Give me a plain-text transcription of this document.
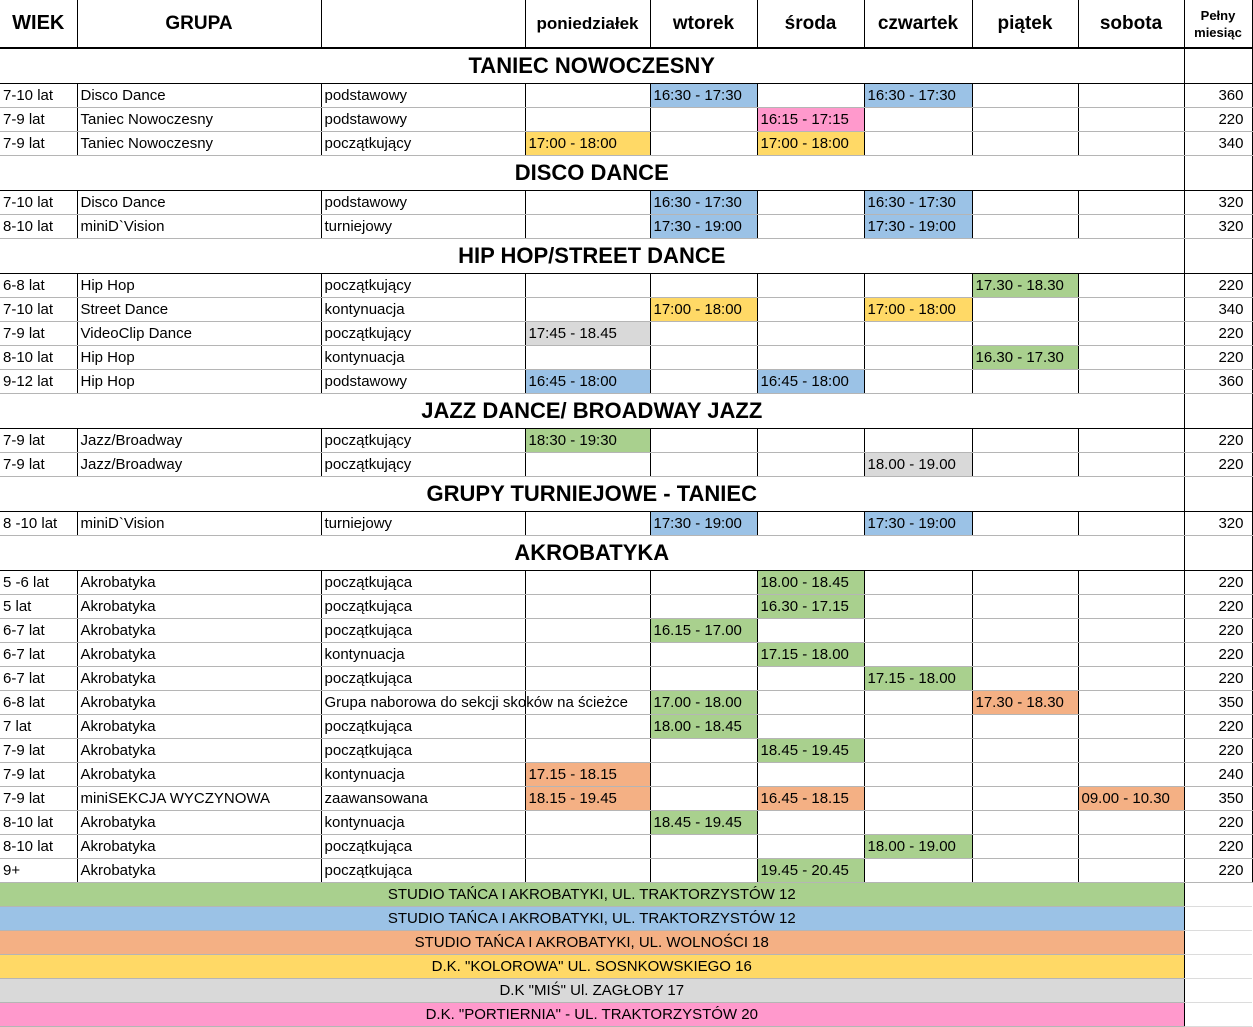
WIEK	GRUPA		poniedziałek	wtorek	środa	czwartek	piątek	sobota	Pełny miesiąc
TANIEC NOWOCZESNY									
7-10 lat	Disco Dance	podstawowy		16:30 - 17:30		16:30 - 17:30			360
7-9 lat	Taniec Nowoczesny	podstawowy			16:15 - 17:15				220
7-9 lat	Taniec Nowoczesny	początkujący	17:00 - 18:00		17:00 - 18:00				340
DISCO DANCE									
7-10 lat	Disco Dance	podstawowy		16:30 - 17:30		16:30 - 17:30			320
8-10 lat	miniD`Vision	turniejowy		17:30 - 19:00		17:30 - 19:00			320
HIP HOP/STREET DANCE									
6-8 lat	Hip Hop	początkujący					17.30 - 18.30		220
7-10 lat	Street Dance	kontynuacja		17:00 - 18:00		17:00 - 18:00			340
7-9 lat	VideoClip Dance	początkujący	17:45 - 18.45						220
8-10 lat	Hip Hop	kontynuacja					16.30 - 17.30		220
9-12 lat	Hip Hop	podstawowy	16:45 - 18:00		16:45 - 18:00				360
JAZZ DANCE/ BROADWAY JAZZ									
7-9 lat	Jazz/Broadway	początkujący	18:30 - 19:30						220
7-9 lat	Jazz/Broadway	początkujący				18.00 - 19.00			220
GRUPY TURNIEJOWE - TANIEC									
8 -10 lat	miniD`Vision	turniejowy		17:30 - 19:00		17:30 - 19:00			320
AKROBATYKA									
5 -6 lat	Akrobatyka	początkująca			18.00 - 18.45				220
5 lat	Akrobatyka	początkująca			16.30 - 17.15				220
6-7 lat	Akrobatyka	początkująca		16.15 - 17.00					220
6-7 lat	Akrobatyka	kontynuacja			17.15 - 18.00				220
6-7 lat	Akrobatyka	początkująca				17.15 - 18.00			220
6-8 lat	Akrobatyka	Grupa naborowa do sekcji skoków na ścieżce		17.00 - 18.00			17.30 - 18.30		350
7 lat	Akrobatyka	początkująca		18.00 - 18.45					220
7-9 lat	Akrobatyka	początkująca			18.45 - 19.45				220
7-9 lat	Akrobatyka	kontynuacja	17.15 - 18.15						240
7-9 lat	miniSEKCJA WYCZYNOWA	zaawansowana	18.15 - 19.45		16.45 - 18.15			09.00 - 10.30	350
8-10 lat	Akrobatyka	kontynuacja		18.45 - 19.45					220
8-10 lat	Akrobatyka	początkująca				18.00 - 19.00			220
9+	Akrobatyka	początkująca			19.45 - 20.45				220
STUDIO TAŃCA I AKROBATYKI, UL. TRAKTORZYSTÓW 12									
STUDIO TAŃCA I AKROBATYKI, UL. TRAKTORZYSTÓW 12									
STUDIO TAŃCA I AKROBATYKI, UL. WOLNOŚCI 18									
D.K. "KOLOROWA" UL. SOSNKOWSKIEGO 16									
D.K "MIŚ" Ul. ZAGŁOBY 17									
D.K. "PORTIERNIA" - UL. TRAKTORZYSTÓW 20									
